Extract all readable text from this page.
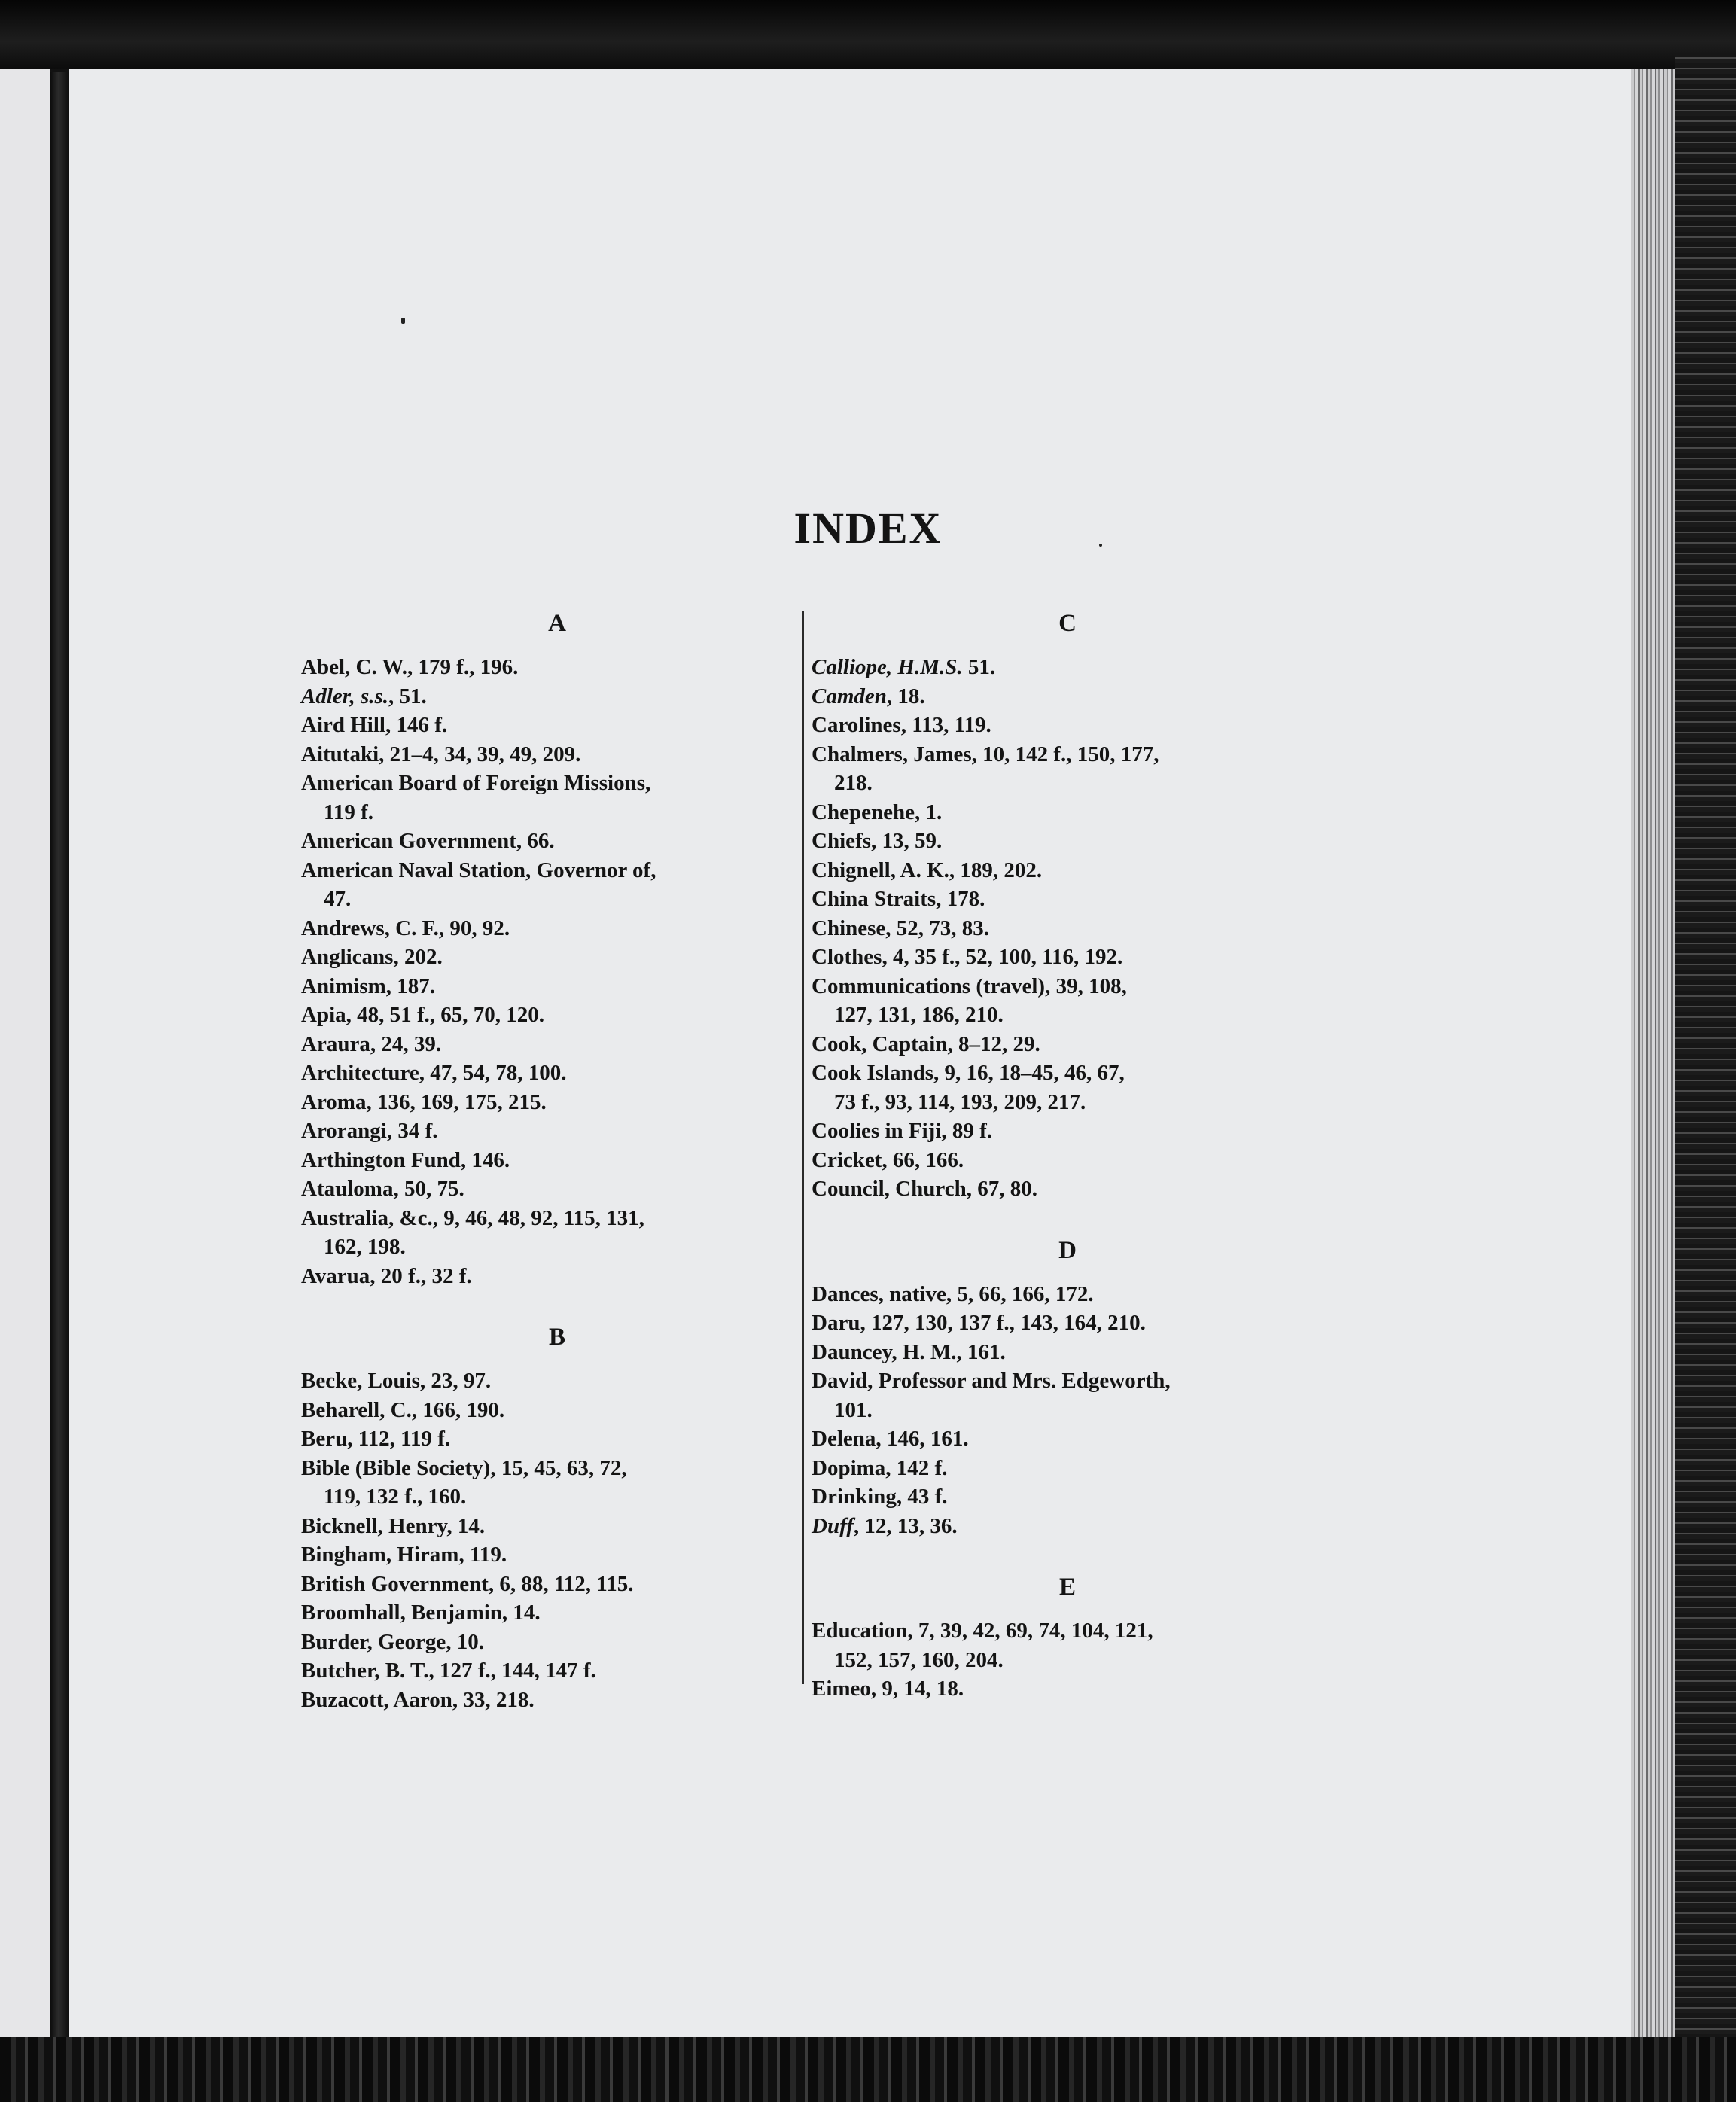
INDEX
A
Abel, C. W., 179 f., 196.
Adler, s.s., 51.
Aird Hill, 146 f.
Aitutaki, 21–4, 34, 39, 49, 209.
American Board of Foreign Missions,
119 f.
American Government, 66.
American Naval Station, Governor of,
47.
Andrews, C. F., 90, 92.
Anglicans, 202.
Animism, 187.
Apia, 48, 51 f., 65, 70, 120.
Araura, 24, 39.
Architecture, 47, 54, 78, 100.
Aroma, 136, 169, 175, 215.
Arorangi, 34 f.
Arthington Fund, 146.
Atauloma, 50, 75.
Australia, &c., 9, 46, 48, 92, 115, 131,
162, 198.
Avarua, 20 f., 32 f.
B
Becke, Louis, 23, 97.
Beharell, C., 166, 190.
Beru, 112, 119 f.
Bible (Bible Society), 15, 45, 63, 72,
119, 132 f., 160.
Bicknell, Henry, 14.
Bingham, Hiram, 119.
British Government, 6, 88, 112, 115.
Broomhall, Benjamin, 14.
Burder, George, 10.
Butcher, B. T., 127 f., 144, 147 f.
Buzacott, Aaron, 33, 218.
C
Calliope, H.M.S. 51.
Camden, 18.
Carolines, 113, 119.
Chalmers, James, 10, 142 f., 150, 177,
218.
Chepenehe, 1.
Chiefs, 13, 59.
Chignell, A. K., 189, 202.
China Straits, 178.
Chinese, 52, 73, 83.
Clothes, 4, 35 f., 52, 100, 116, 192.
Communications (travel), 39, 108,
127, 131, 186, 210.
Cook, Captain, 8–12, 29.
Cook Islands, 9, 16, 18–45, 46, 67,
73 f., 93, 114, 193, 209, 217.
Coolies in Fiji, 89 f.
Cricket, 66, 166.
Council, Church, 67, 80.
D
Dances, native, 5, 66, 166, 172.
Daru, 127, 130, 137 f., 143, 164, 210.
Dauncey, H. M., 161.
David, Professor and Mrs. Edgeworth,
101.
Delena, 146, 161.
Dopima, 142 f.
Drinking, 43 f.
Duff, 12, 13, 36.
E
Education, 7, 39, 42, 69, 74, 104, 121,
152, 157, 160, 204.
Eimeo, 9, 14, 18.
